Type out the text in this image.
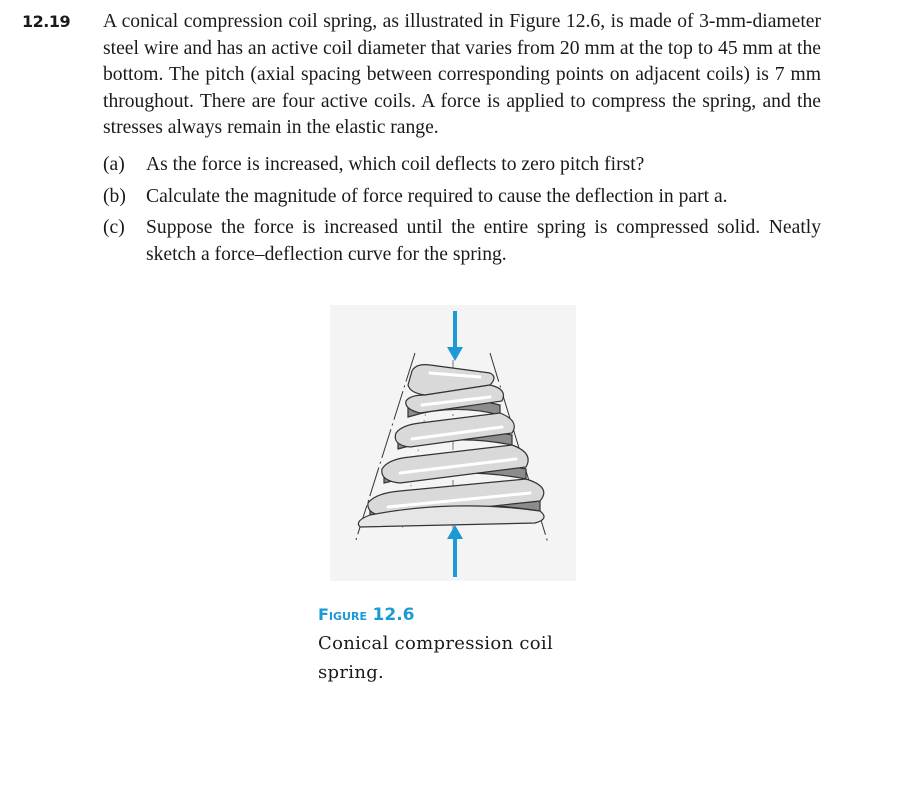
12.19 A conical compression coil spring, as illustrated in Figure 12.6, is made of 3-mm-diameter steel wire and has an active coil diameter that varies from 20 mm at the top to 45 mm at the bottom. The pitch (axial spacing between corresponding points on adjacent coils) is 7 mm throughout. There are four active coils. A force is applied to compress the spring, and the stresses always remain in the elastic range.

(a) As the force is increased, which coil deflects to zero pitch first?
(b) Calculate the magnitude of force required to cause the deflection in part a.
(c) Suppose the force is increased until the entire spring is compressed solid. Neatly sketch a force–deflection curve for the spring.
Figure 12.6
Conical compression coil spring.
